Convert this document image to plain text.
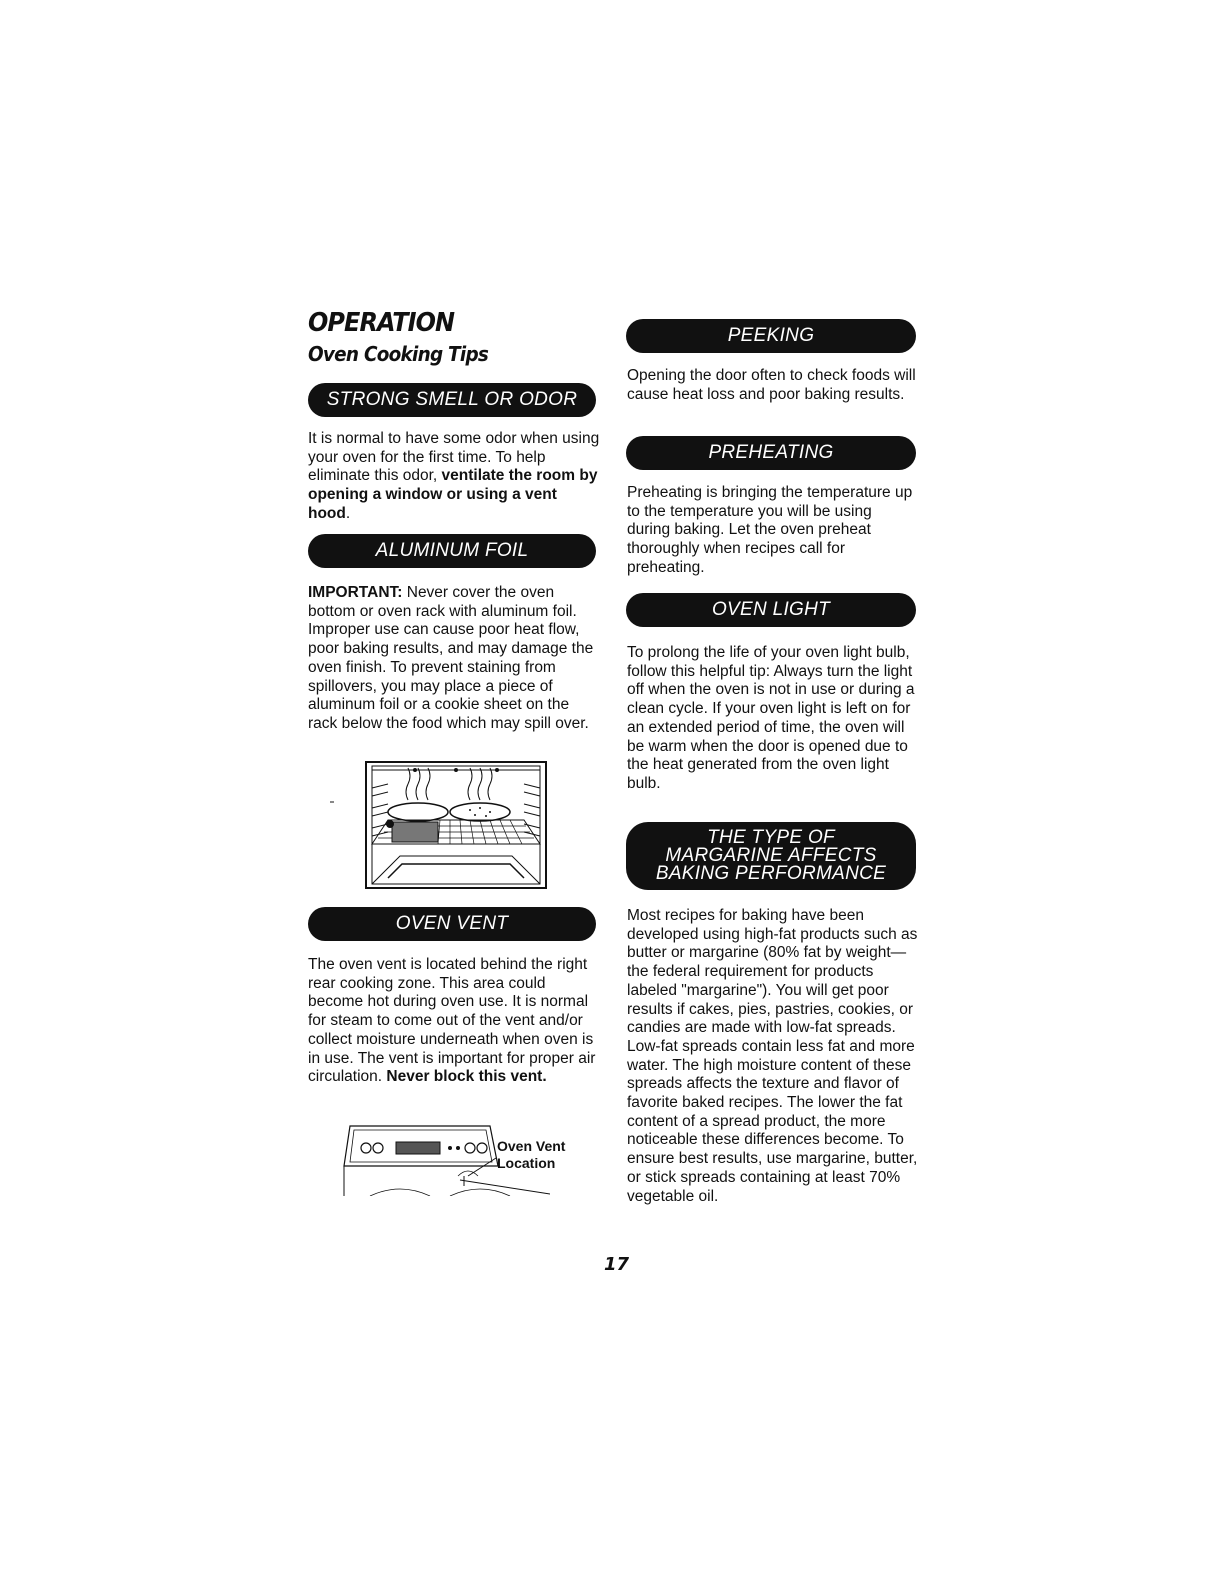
OPERATION
Oven Cooking Tips
STRONG SMELL OR ODOR

It is normal to have some odor when using your oven for the first time. To help eliminate this odor, ventilate the room by opening a window or using a vent hood.

ALUMINUM FOIL

IMPORTANT: Never cover the oven bottom or oven rack with aluminum foil. Improper use can cause poor heat flow, poor baking results, and may damage the oven finish. To prevent staining from spillovers, you may place a piece of aluminum foil or a cookie sheet on the rack below the food which may spill over.

OVEN VENT

The oven vent is located behind the right rear cooking zone. This area could become hot during oven use. It is normal for steam to come out of the vent and/or collect moisture underneath when oven is in use. The vent is important for proper air circulation. Never block this vent.

Oven Vent
Location
PEEKING

Opening the door often to check foods will cause heat loss and poor baking results.

PREHEATING

Preheating is bringing the temperature up to the temperature you will be using during baking. Let the oven preheat thoroughly when recipes call for preheating.

OVEN LIGHT

To prolong the life of your oven light bulb, follow this helpful tip: Always turn the light off when the oven is not in use or during a clean cycle. If your oven light is left on for an extended period of time, the oven will be warm when the door is opened due to the heat generated from the oven light bulb.

THE TYPE OF
MARGARINE AFFECTS
BAKING PERFORMANCE

Most recipes for baking have been developed using high-fat products such as butter or margarine (80% fat by weight—the federal requirement for products labeled "margarine"). You will get poor results if cakes, pies, pastries, cookies, or candies are made with low-fat spreads. Low-fat spreads contain less fat and more water. The high moisture content of these spreads affects the texture and flavor of favorite baked recipes. The lower the fat content of a spread product, the more noticeable these differences become. To ensure best results, use margarine, butter, or stick spreads containing at least 70% vegetable oil.

17
